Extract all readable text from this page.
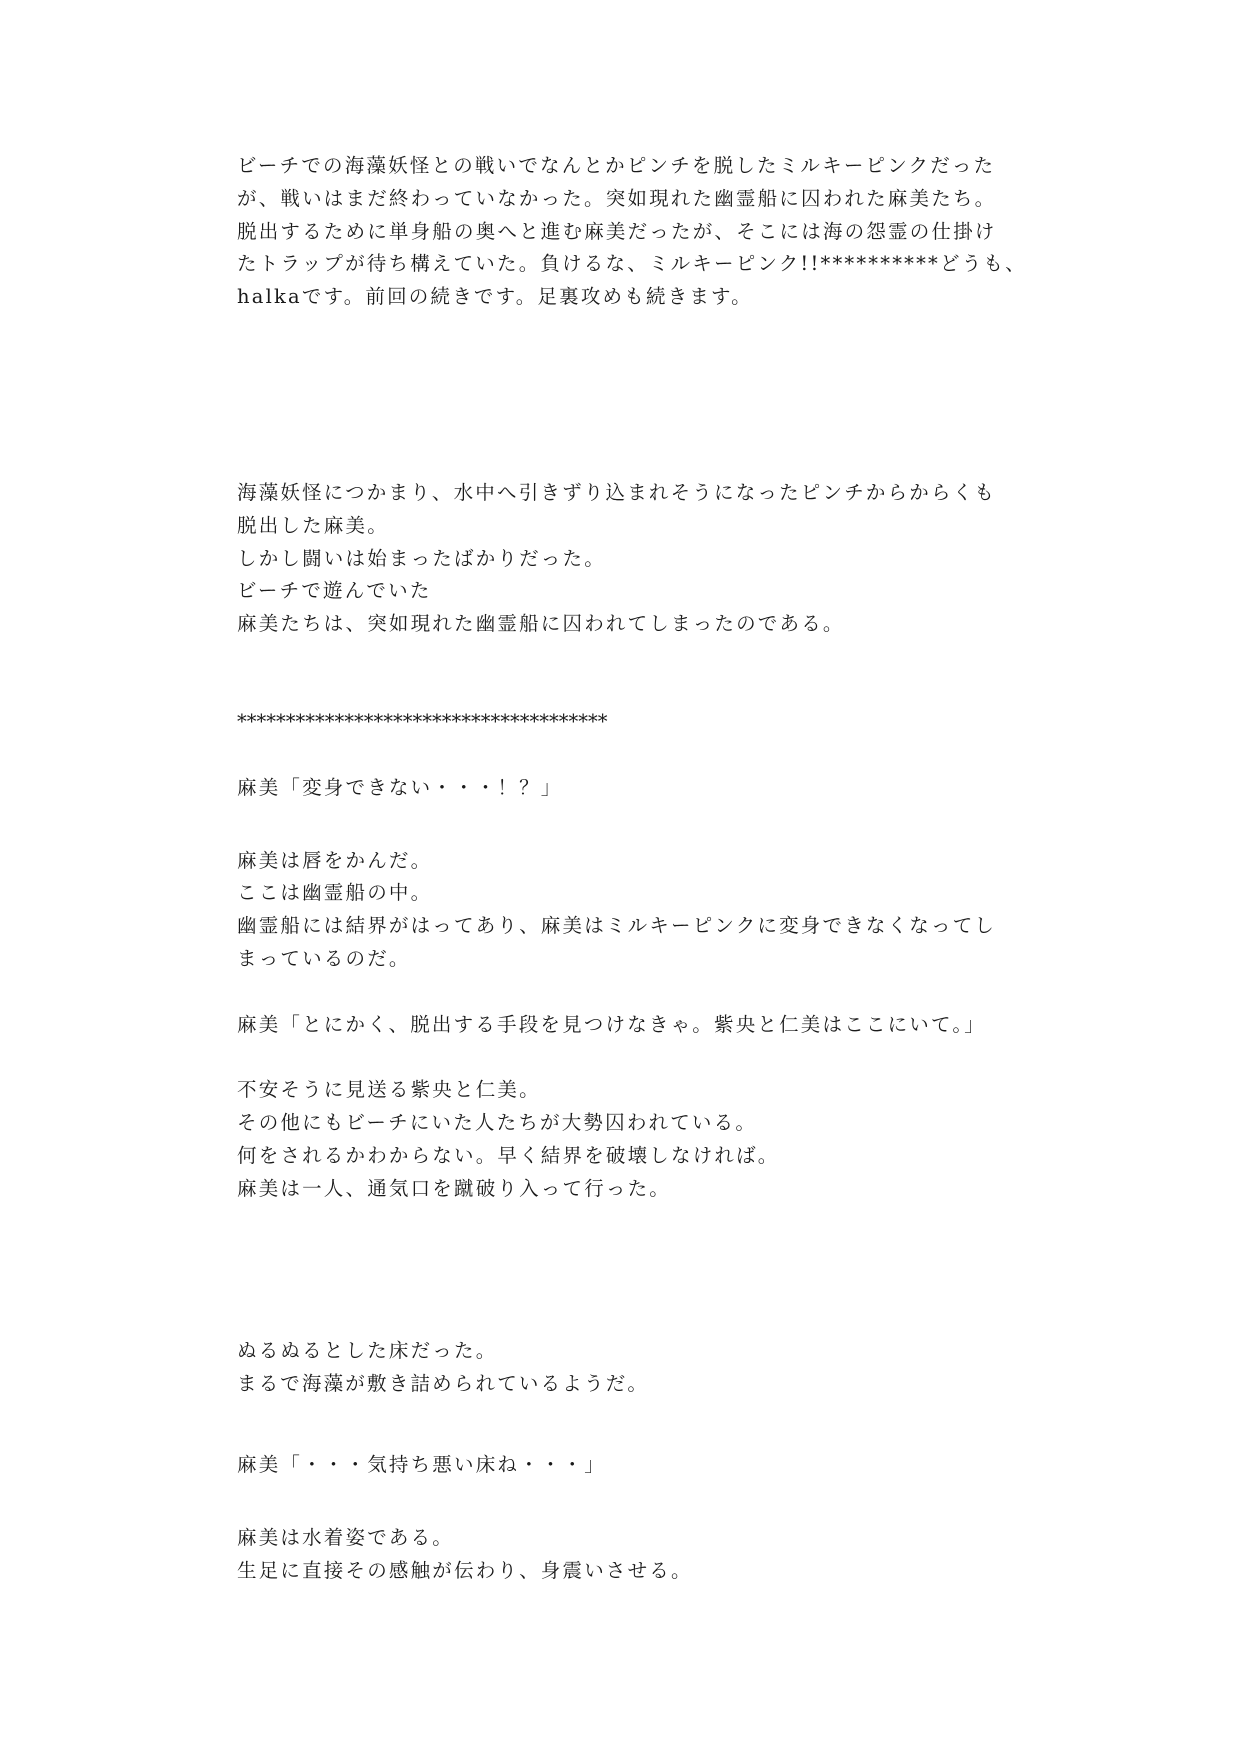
ビーチでの海藻妖怪との戦いでなんとかピンチを脱したミルキーピンクだった
が、戦いはまだ終わっていなかった。突如現れた幽霊船に囚われた麻美たち。
脱出するために単身船の奥へと進む麻美だったが、そこには海の怨霊の仕掛け
たトラップが待ち構えていた。負けるな、ミルキーピンク!!**********どうも、
halkaです。前回の続きです。足裏攻めも続きます。
海藻妖怪につかまり、水中へ引きずり込まれそうになったピンチからからくも
脱出した麻美。
しかし闘いは始まったばかりだった。
ビーチで遊んでいた
麻美たちは、突如現れた幽霊船に囚われてしまったのである。
**************************************
麻美「変身できない・・・！？」
麻美は唇をかんだ。
ここは幽霊船の中。
幽霊船には結界がはってあり、麻美はミルキーピンクに変身できなくなってし
まっているのだ。
麻美「とにかく、脱出する手段を見つけなきゃ。紫央と仁美はここにいて。」
不安そうに見送る紫央と仁美。
その他にもビーチにいた人たちが大勢囚われている。
何をされるかわからない。早く結界を破壊しなければ。
麻美は一人、通気口を蹴破り入って行った。
ぬるぬるとした床だった。
まるで海藻が敷き詰められているようだ。
麻美「・・・気持ち悪い床ね・・・」
麻美は水着姿である。
生足に直接その感触が伝わり、身震いさせる。
